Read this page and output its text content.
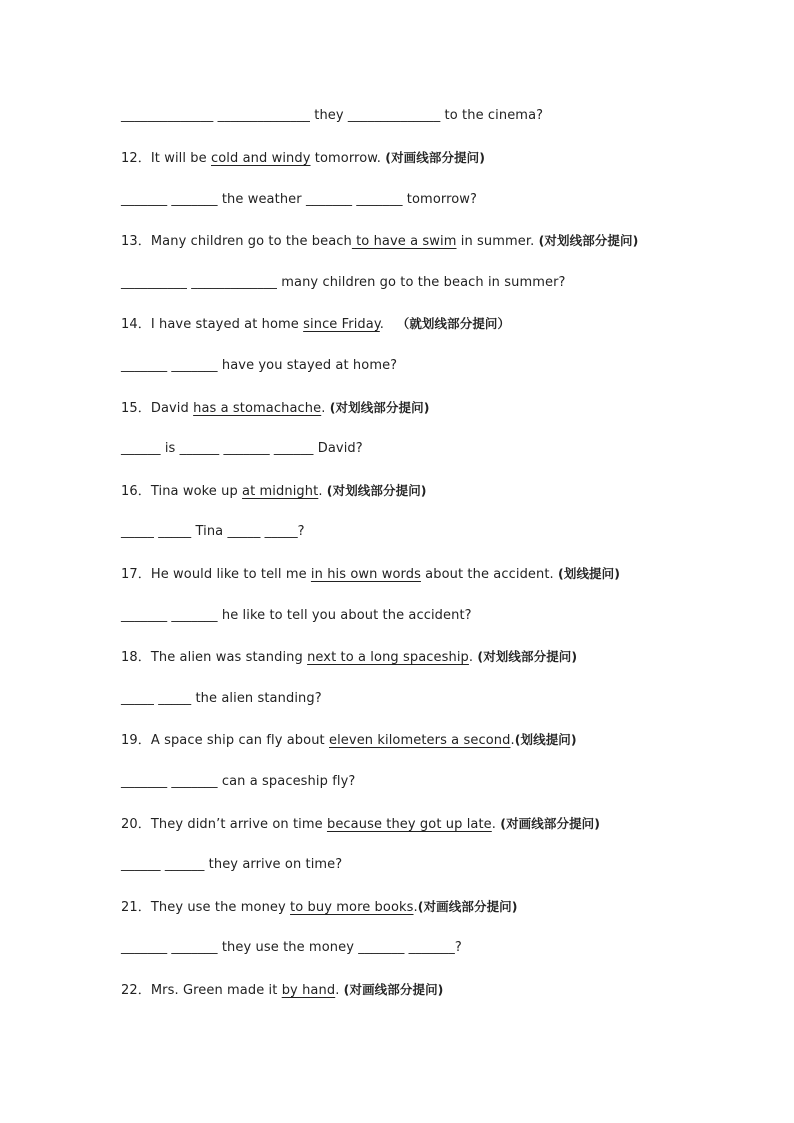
______________ ______________ they ______________ to the cinema?
12．It will be cold and windy tomorrow. (对画线部分提问)
_______ _______ the weather _______ _______ tomorrow?
13．Many children go to the beach to have a swim in summer. (对划线部分提问)
__________ _____________ many children go to the beach in summer?
14．I have stayed at home since Friday.   （就划线部分提问）
_______ _______ have you stayed at home?
15．David has a stomachache. (对划线部分提问)
______ is ______ _______ ______ David?
16．Tina woke up at midnight. (对划线部分提问)
_____ _____ Tina _____ _____?
17．He would like to tell me in his own words about the accident. (划线提问)
_______ _______ he like to tell you about the accident?
18．The alien was standing next to a long spaceship. (对划线部分提问)
_____ _____ the alien standing?
19．A space ship can fly about eleven kilometers a second.(划线提问)
_______ _______ can a spaceship fly?
20．They didn’t arrive on time because they got up late. (对画线部分提问)
______ ______ they arrive on time?
21．They use the money to buy more books.(对画线部分提问)
_______ _______ they use the money _______ _______?
22．Mrs. Green made it by hand. (对画线部分提问)
